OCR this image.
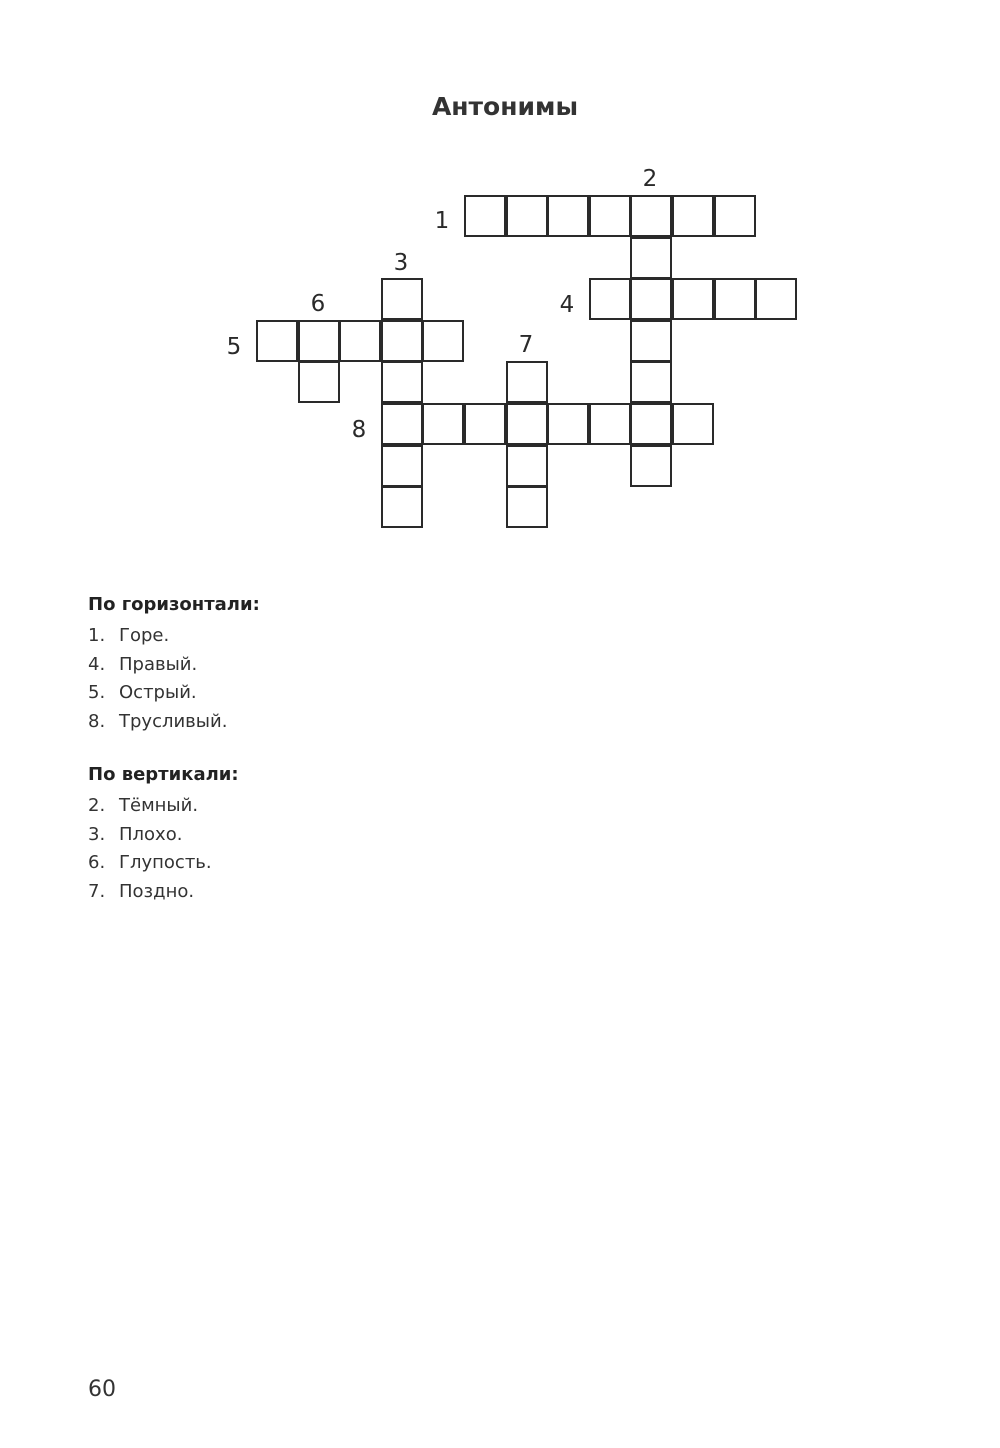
Антонимы
1
2
3
4
5
6
7
8
По горизонтали:
1. Горе.
4. Правый.
5. Острый.
8. Трусливый.
По вертикали:
2. Тёмный.
3. Плохо.
6. Глупость.
7. Поздно.
60
